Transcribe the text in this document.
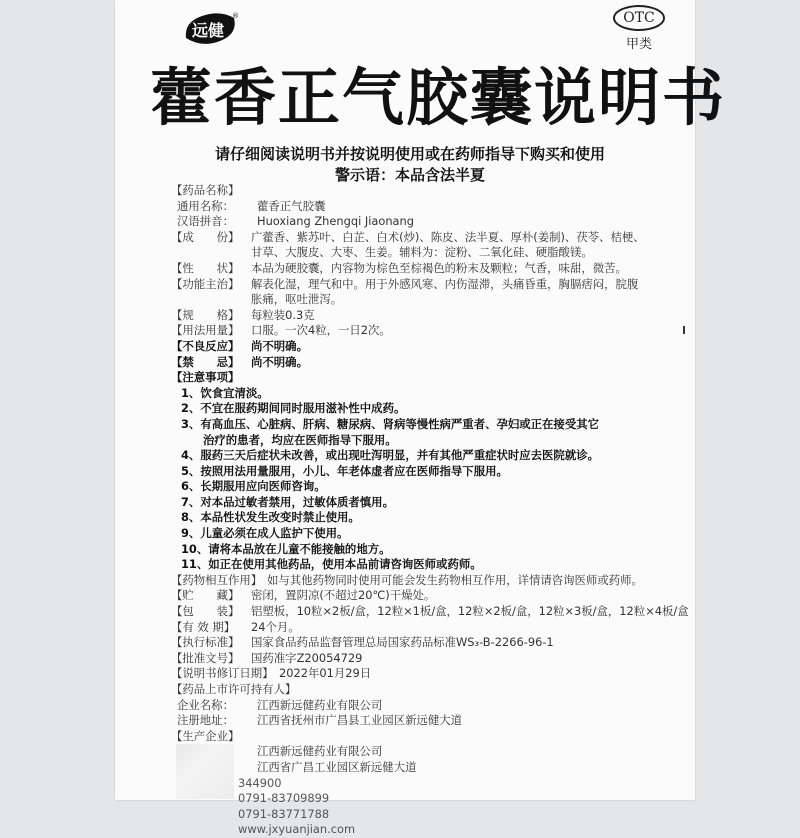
远健
®	OTC
甲类
藿香正气胶囊说明书
请仔细阅读说明书并按说明使用或在药师指导下购买和使用
警示语：本品含法半夏
【药品名称】
通用名称：	藿香正气胶囊
汉语拼音：	Huoxiang Zhengqi Jiaonang
【成　　份】	广藿香、紫苏叶、白芷、白术(炒)、陈皮、法半夏、厚朴(姜制)、茯苓、桔梗、
甘草、大腹皮、大枣、生姜。辅料为：淀粉、二氧化硅、硬脂酸镁。
【性　　状】	本品为硬胶囊，内容物为棕色至棕褐色的粉末及颗粒；气香，味甜，微苦。
【功能主治】	解表化湿，理气和中。用于外感风寒、内伤湿滞，头痛昏重，胸膈痞闷，脘腹
胀痛，呕吐泄泻。
【规　　格】	每粒装0.3克
【用法用量】	口服。一次4粒，一日2次。
【不良反应】	尚不明确。
【禁　　忌】	尚不明确。
【注意事项】
1、饮食宜清淡。
2、不宜在服药期间同时服用滋补性中成药。
3、有高血压、心脏病、肝病、糖尿病、肾病等慢性病严重者、孕妇或正在接受其它
治疗的患者，均应在医师指导下服用。
4、服药三天后症状未改善，或出现吐泻明显，并有其他严重症状时应去医院就诊。
5、按照用法用量服用，小儿、年老体虚者应在医师指导下服用。
6、长期服用应向医师咨询。
7、对本品过敏者禁用，过敏体质者慎用。
8、本品性状发生改变时禁止使用。
9、儿童必须在成人监护下使用。
10、请将本品放在儿童不能接触的地方。
11、如正在使用其他药品，使用本品前请咨询医师或药师。
【药物相互作用】 如与其他药物同时使用可能会发生药物相互作用，详情请咨询医师或药师。
【贮　　藏】	密闭，置阴凉(不超过20℃)干燥处。
【包　　装】	铝塑板，10粒×2板/盒，12粒×1板/盒，12粒×2板/盒，12粒×3板/盒，12粒×4板/盒
【有 效 期】	24个月。
【执行标准】	国家食品药品监督管理总局国家药品标准WS₃-B-2266-96-1
【批准文号】	国药准字Z20054729
【说明书修订日期】 2022年01月29日
【药品上市许可持有人】
企业名称：	江西新远健药业有限公司
注册地址：	江西省抚州市广昌县工业园区新远健大道
【生产企业】
江西新远健药业有限公司
江西省广昌工业园区新远健大道
344900
0791-83709899
0791-83771788
www.jxyuanjian.com
